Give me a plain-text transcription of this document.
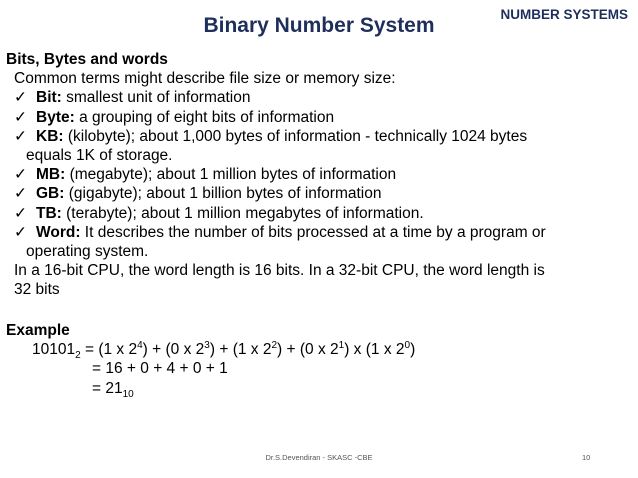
Binary Number System	NUMBER SYSTEMS
Bits, Bytes and words
Common terms might describe file size or memory size:
✓ Bit: smallest unit of information
✓ Byte: a grouping of eight bits of information
✓ KB: (kilobyte); about 1,000 bytes of information - technically 1024 bytes
equals 1K of storage.
✓ MB: (megabyte); about 1 million bytes of information
✓ GB: (gigabyte); about 1 billion bytes of information
✓ TB: (terabyte); about 1 million megabytes of information.
✓ Word: It describes the number of bits processed at a time by a program or
operating system.
In a 16-bit CPU, the word length is 16 bits. In a 32-bit CPU, the word length is
32 bits
Example
$10101_2 = (1$ x $2^4) + (0$ x $2^3) + (1$ x $2^2) + (0$ x $2^1$) x (1 x $2^0$)
= 16 + 0 + 4 + 0 + 1
= $21_{10}$
Dr.S.Devendiran - SKASC -CBE	10
